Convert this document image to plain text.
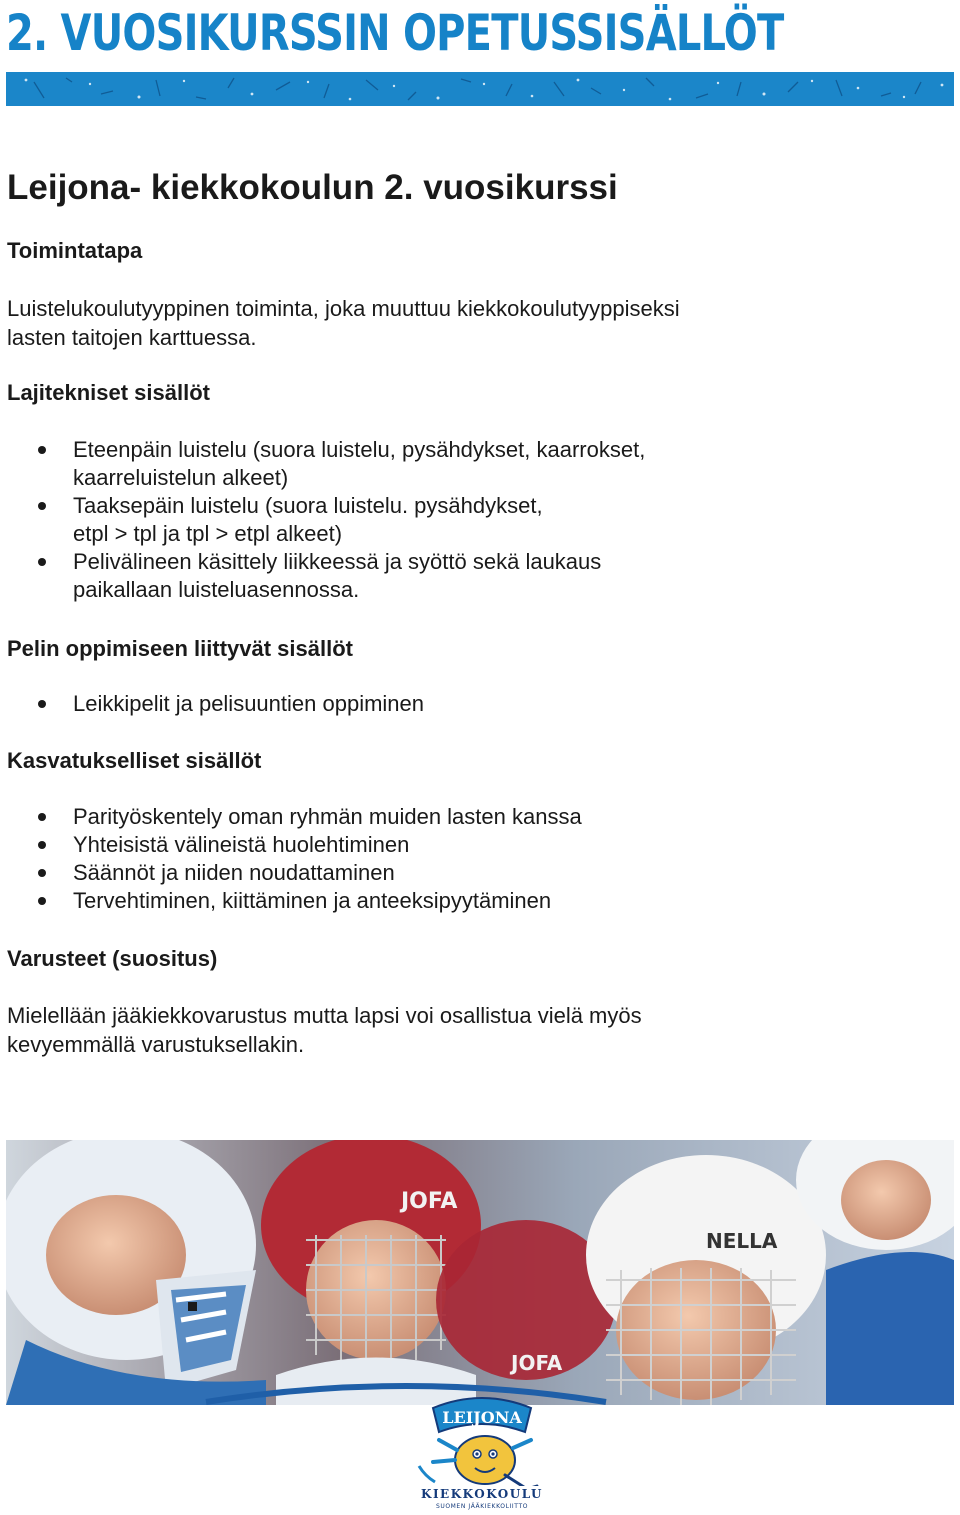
2. VUOSIKURSSIN OPETUSSISÄLLÖT
Leijona- kiekkokoulun 2. vuosikurssi
Toimintatapa

Luistelukoulutyyppinen toiminta, joka muuttuu kiekkokoulutyyppiseksi
lasten taitojen karttuessa.

Lajitekniset sisällöt
Eteenpäin luistelu (suora luistelu, pysähdykset, kaarrokset,
kaarreluistelun alkeet)
Taaksepäin luistelu (suora luistelu. pysähdykset,
etpl > tpl ja tpl > etpl alkeet)
Pelivälineen käsittely liikkeessä ja syöttö sekä laukaus
paikallaan luisteluasennossa.
Pelin oppimiseen liittyvät sisällöt
Leikkipelit ja pelisuuntien oppiminen
Kasvatukselliset sisällöt
Parityöskentely oman ryhmän muiden lasten kanssa
Yhteisistä välineistä huolehtiminen
Säännöt ja niiden noudattaminen
Tervehtiminen, kiittäminen ja anteeksipyytäminen
Varusteet (suositus)

Mielellään jääkiekkovarustus mutta lapsi voi osallistua vielä myös
kevyemmällä varustuksellakin.

JOFA
JOFA
NELLA
LEIJONA
KIEKKOKOULU
SUOMEN JÄÄKIEKKOLIITTO
